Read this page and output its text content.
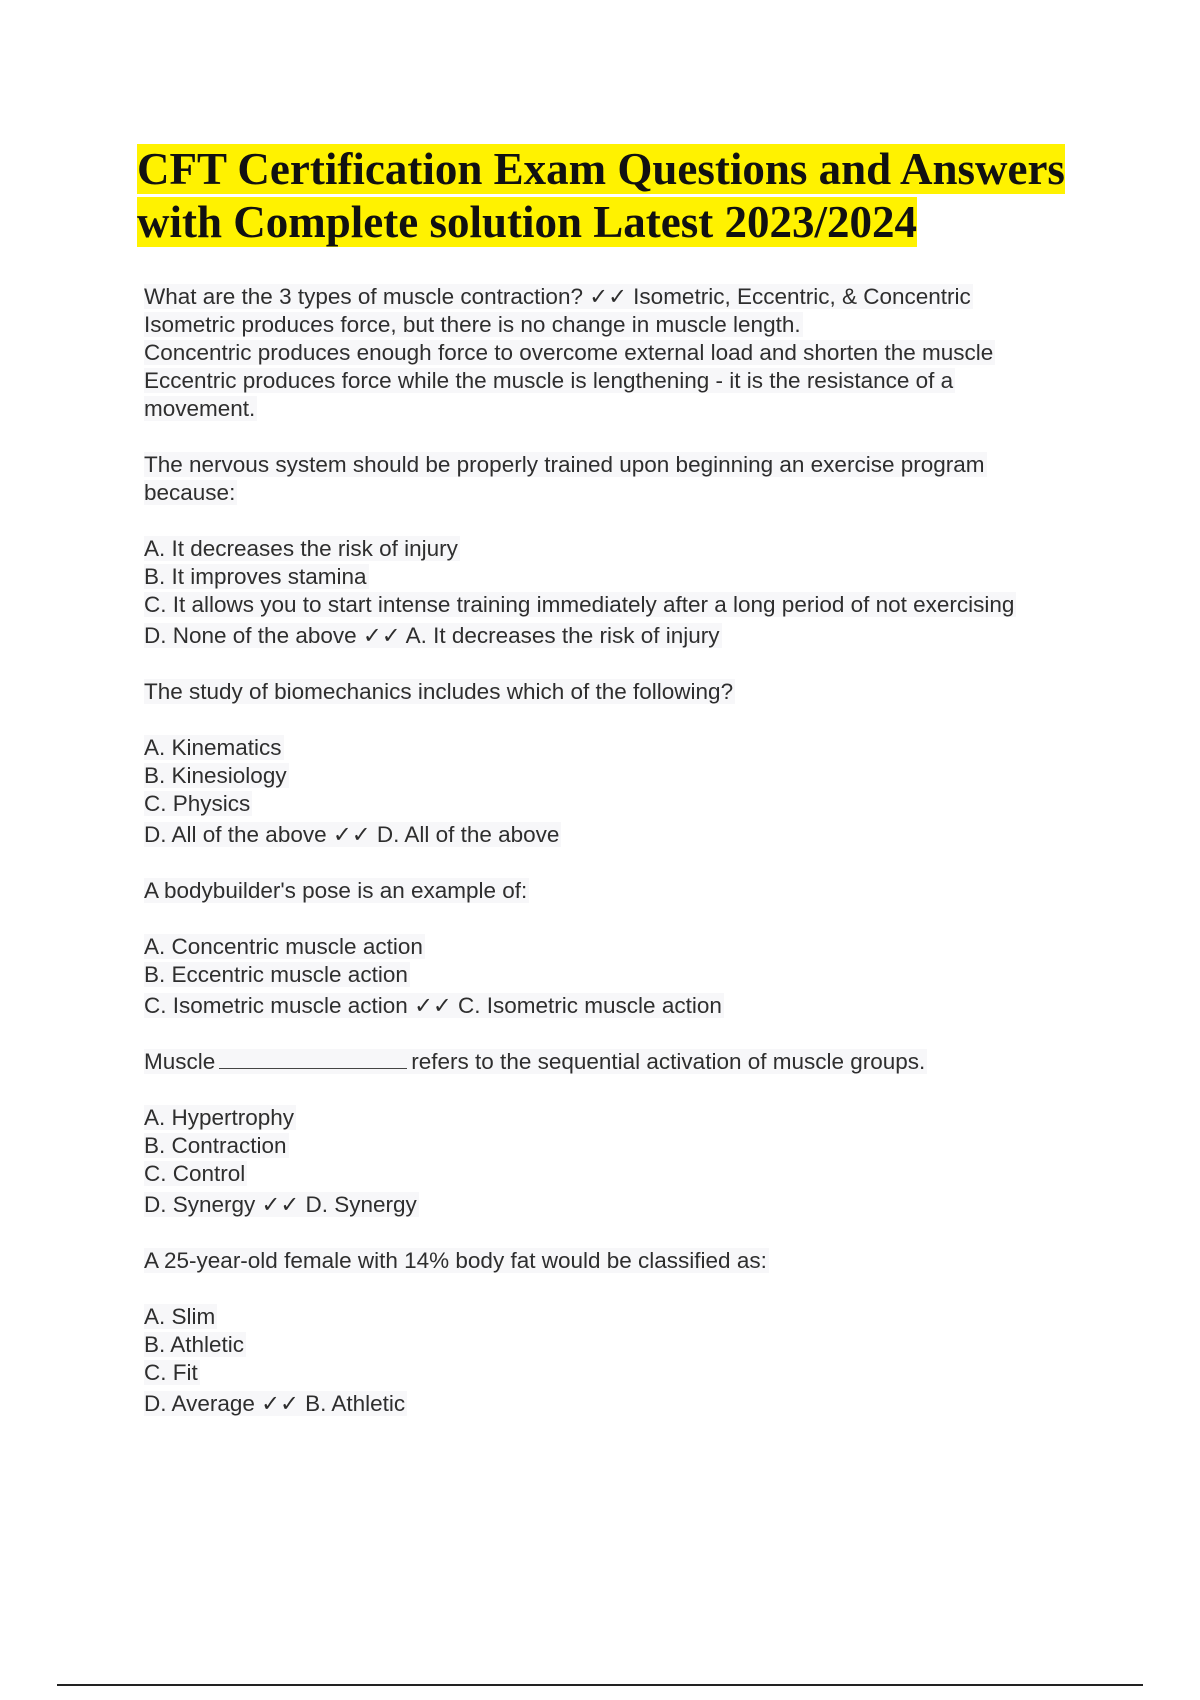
CFT Certification Exam Questions and Answers
with Complete solution Latest 2023/2024
What are the 3 types of muscle contraction? ✓✓ Isometric, Eccentric, & Concentric
Isometric produces force, but there is no change in muscle length.
Concentric produces enough force to overcome external load and shorten the muscle
Eccentric produces force while the muscle is lengthening - it is the resistance of a
movement.
The nervous system should be properly trained upon beginning an exercise program
because:
A. It decreases the risk of injury
B. It improves stamina
C. It allows you to start intense training immediately after a long period of not exercising
D. None of the above ✓✓ A. It decreases the risk of injury
The study of biomechanics includes which of the following?
A. Kinematics
B. Kinesiology
C. Physics
D. All of the above ✓✓ D. All of the above
A bodybuilder's pose is an example of:
A. Concentric muscle action
B. Eccentric muscle action
C. Isometric muscle action ✓✓ C. Isometric muscle action
Muscle	refers to the sequential activation of muscle groups.
A. Hypertrophy
B. Contraction
C. Control
D. Synergy ✓✓ D. Synergy
A 25-year-old female with 14% body fat would be classified as:
A. Slim
B. Athletic
C. Fit
D. Average ✓✓ B. Athletic
